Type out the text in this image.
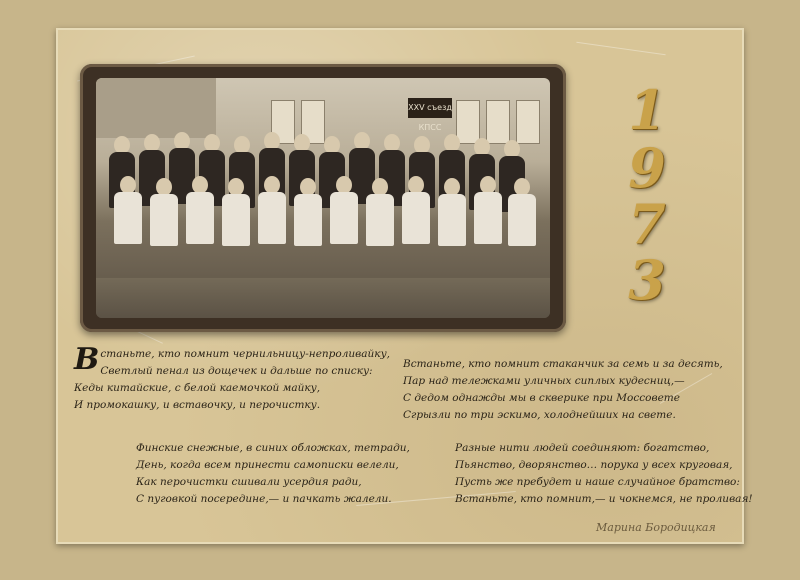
XXV съезд КПСС	1
9
7
3
В станьте, кто помнит чернильницу-непроливайку,
Светлый пенал из дощечек и дальше по списку:
Кеды китайские, с белой каемочкой майку,
И промокашку, и вставочку, и перочистку.
Финские снежные, в синих обложках, тетради,
День, когда всем принести самописки велели,
Как перочистки сшивали усердия ради,
С пуговкой посередине,— и пачкать жалели.
Встаньте, кто помнит стаканчик за семь и за десять,
Пар над тележками уличных сиплых кудесниц,—
С дедом однажды мы в скверике при Моссовете
Сгрызли по три эскимо, холоднейших на свете.
Разные нити людей соединяют: богатство,
Пьянство, дворянство… порука у всех круговая,
Пусть же пребудет и наше случайное братство:
Встаньте, кто помнит,— и чокнемся, не проливая!
Марина Бородицкая
